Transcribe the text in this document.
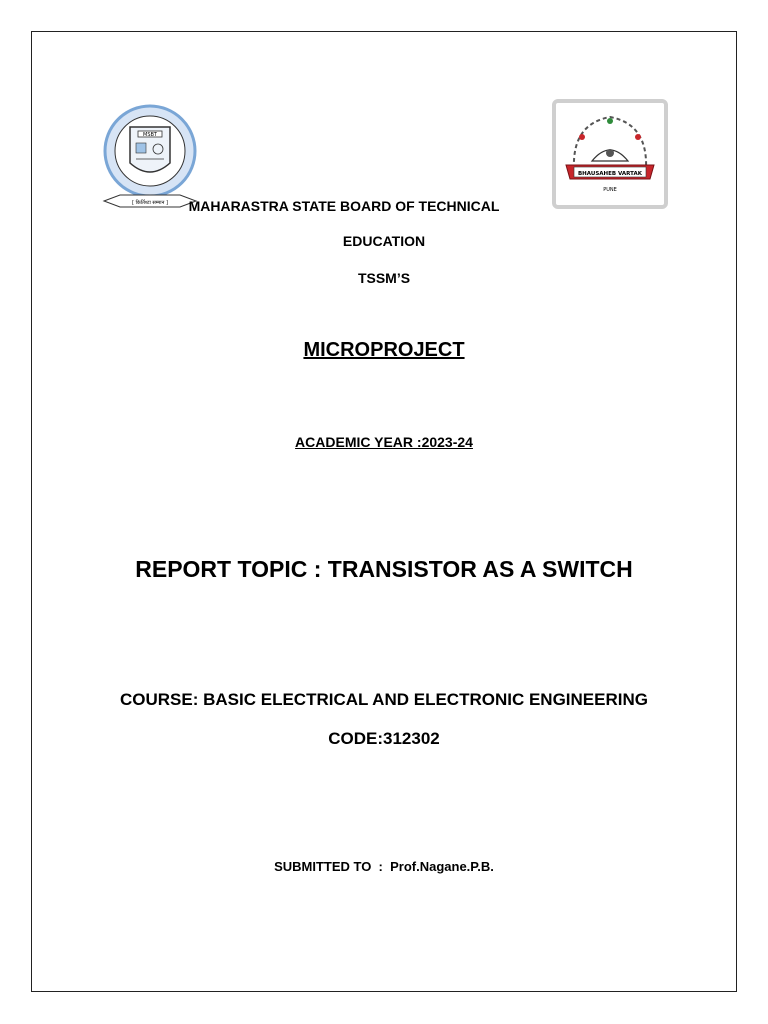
MSBT
[ किर्तिश्टा सम्मान ]
BHAUSAHEB VARTAK
PUNE
MAHARASTRA STATE BOARD OF TECHNICAL
EDUCATION
TSSM’S
MICROPROJECT
ACADEMIC YEAR :2023-24
REPORT TOPIC : TRANSISTOR AS A SWITCH
COURSE: BASIC ELECTRICAL AND ELECTRONIC ENGINEERING
CODE:312302
SUBMITTED TO  :  Prof.Nagane.P.B.
